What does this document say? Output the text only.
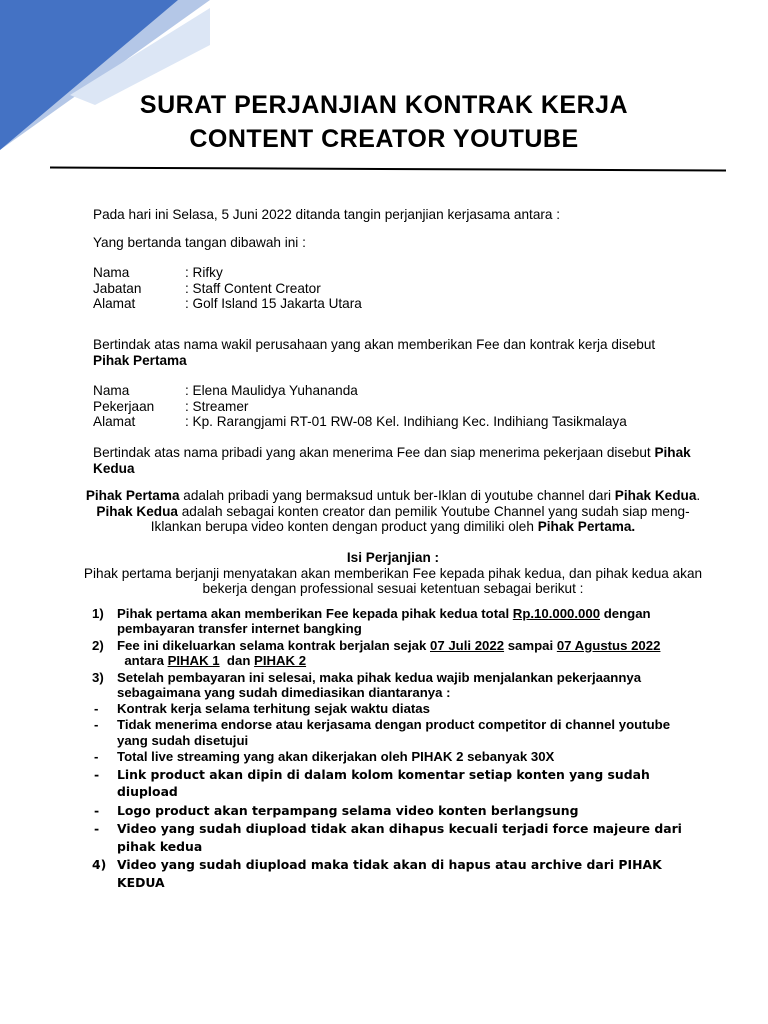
SURAT PERJANJIAN KONTRAK KERJA
CONTENT CREATOR YOUTUBE

Pada hari ini Selasa, 5 Juni 2022 ditanda tangin perjanjian kerjasama antara :

Yang bertanda tangan dibawah ini :

Nama	: Rifky
Jabatan	: Staff Content Creator
Alamat	: Golf Island 15 Jakarta Utara

Bertindak atas nama wakil perusahaan yang akan memberikan Fee dan kontrak kerja disebut Pihak Pertama

Nama	: Elena Maulidya Yuhananda
Pekerjaan	: Streamer
Alamat	: Kp. Rarangjami RT-01 RW-08 Kel. Indihiang Kec. Indihiang Tasikmalaya

Bertindak atas nama pribadi yang akan menerima Fee dan siap menerima pekerjaan disebut Pihak Kedua

Pihak Pertama adalah pribadi yang bermaksud untuk ber-Iklan di youtube channel dari Pihak Kedua. Pihak Kedua adalah sebagai konten creator dan pemilik Youtube Channel yang sudah siap meng-Iklankan berupa video konten dengan product yang dimiliki oleh Pihak Pertama.

Isi Perjanjian :

Pihak pertama berjanji menyatakan akan memberikan Fee kepada pihak kedua, dan pihak kedua akan bekerja dengan professional sesuai ketentuan sebagai berikut :

1) Pihak pertama akan memberikan Fee kepada pihak kedua total Rp.10.000.000 dengan pembayaran transfer internet bangking
2) Fee ini dikeluarkan selama kontrak berjalan sejak 07 Juli 2022 sampai 07 Agustus 2022  antara PIHAK 1  dan PIHAK 2
3) Setelah pembayaran ini selesai, maka pihak kedua wajib menjalankan pekerjaannya sebagaimana yang sudah dimediasikan diantaranya :
- Kontrak kerja selama terhitung sejak waktu diatas
- Tidak menerima endorse atau kerjasama dengan product competitor di channel youtube yang sudah disetujui
- Total live streaming yang akan dikerjakan oleh PIHAK 2 sebanyak 30X
- Link product akan dipin di dalam kolom komentar setiap konten yang sudah diupload
- Logo product akan terpampang selama video konten berlangsung
- Video yang sudah diupload tidak akan dihapus kecuali terjadi force majeure dari pihak kedua
4) Video yang sudah diupload maka tidak akan di hapus atau archive dari PIHAK KEDUA
